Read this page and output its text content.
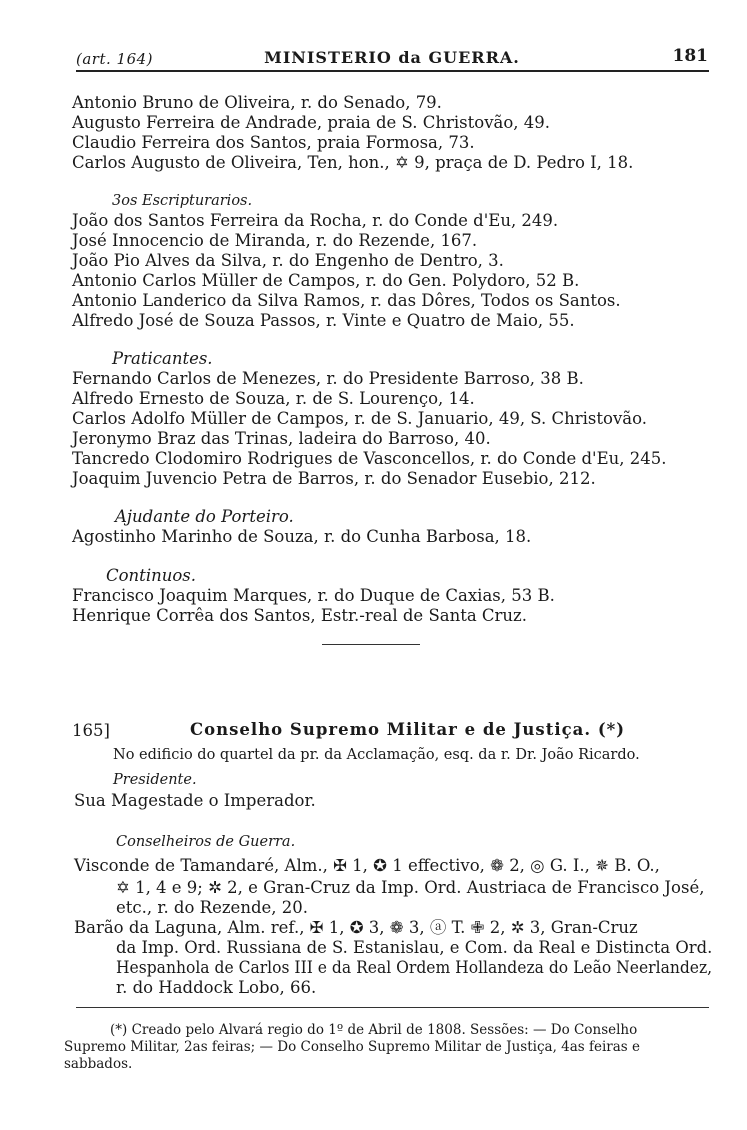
(art. 164)	MINISTERIO da GUERRA.	181
Antonio Bruno de Oliveira, r. do Senado, 79.
Augusto Ferreira de Andrade, praia de S. Christovão, 49.
Claudio Ferreira dos Santos, praia Formosa, 73.
Carlos Augusto de Oliveira, Ten, hon., ✡ 9, praça de D. Pedro I, 18.
3os Escripturarios.
João dos Santos Ferreira da Rocha, r. do Conde d'Eu, 249.
José Innocencio de Miranda, r. do Rezende, 167.
João Pio Alves da Silva, r. do Engenho de Dentro, 3.
Antonio Carlos Müller de Campos, r. do Gen. Polydoro, 52 B.
Antonio Landerico da Silva Ramos, r. das Dôres, Todos os Santos.
Alfredo José de Souza Passos, r. Vinte e Quatro de Maio, 55.
Praticantes.
Fernando Carlos de Menezes, r. do Presidente Barroso, 38 B.
Alfredo Ernesto de Souza, r. de S. Lourenço, 14.
Carlos Adolfo Müller de Campos, r. de S. Januario, 49, S. Christovão.
Jeronymo Braz das Trinas, ladeira do Barroso, 40.
Tancredo Clodomiro Rodrigues de Vasconcellos, r. do Conde d'Eu, 245.
Joaquim Juvencio Petra de Barros, r. do Senador Eusebio, 212.
Ajudante do Porteiro.
Agostinho Marinho de Souza, r. do Cunha Barbosa, 18.
Continuos.
Francisco Joaquim Marques, r. do Duque de Caxias, 53 B.
Henrique Corrêa dos Santos, Estr.-real de Santa Cruz.
165]	Conselho Supremo Militar e de Justiça. (*)
No edificio do quartel da pr. da Acclamação, esq. da r. Dr. João Ricardo.
Presidente.
Sua Magestade o Imperador.
Conselheiros de Guerra.
Visconde de Tamandaré, Alm., ✠ 1, ✪ 1 effectivo, ❁ 2, ◎ G. I., ✵ B. O.,
✡ 1, 4 e 9; ✲ 2, e Gran-Cruz da Imp. Ord. Austriaca de Francisco José,
etc., r. do Rezende, 20.
Barão da Laguna, Alm. ref., ✠ 1, ✪ 3, ❁ 3, ⓐ T. ✙ 2, ✲ 3, Gran-Cruz
da Imp. Ord. Russiana de S. Estanislau, e Com. da Real e Distincta Ord.
Hespanhola de Carlos III e da Real Ordem Hollandeza do Leão Neerlandez,
r. do Haddock Lobo, 66.
(*) Creado pelo Alvará regio do 1º de Abril de 1808. Sessões: — Do Conselho
Supremo Militar, 2as feiras; — Do Conselho Supremo Militar de Justiça, 4as feiras e
sabbados.
